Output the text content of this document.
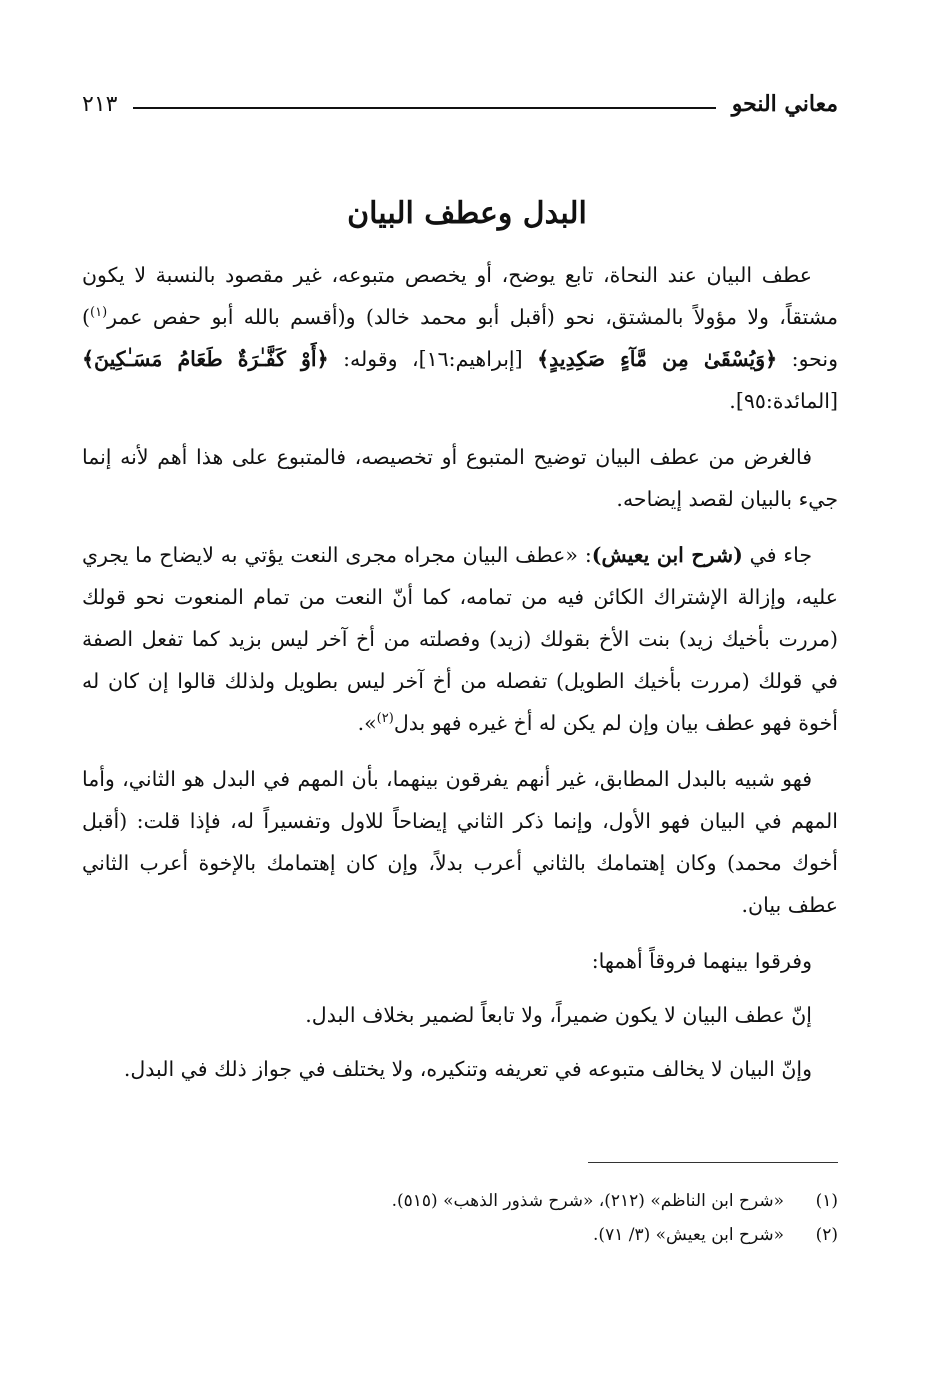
معاني النحو
٢١٣
البدل وعطف البيان

عطف البيان عند النحاة، تابع يوضح، أو يخصص متبوعه، غير مقصود بالنسبة لا يكون مشتقاً، ولا مؤولاً بالمشتق، نحو (أقبل أبو محمد خالد) و(أقسم بالله أبو حفص عمر$^{(١)}$) ونحو: ﴿وَيُسْقَىٰ مِن مَّآءٍ صَكِدِيدٍ﴾ [إبراهيم:١٦]، وقوله: ﴿أَوْ كَفَّـٰرَةٌ طَعَامُ مَسَـٰكِينَ﴾ [المائدة:٩٥].

فالغرض من عطف البيان توضيح المتبوع أو تخصيصه، فالمتبوع على هذا أهم لأنه إنما جيء بالبيان لقصد إيضاحه.

جاء في (شرح ابن يعيش): «عطف البيان مجراه مجرى النعت يؤتي به لايضاح ما يجري عليه، وإزالة الإشتراك الكائن فيه من تمامه، كما أنّ النعت من تمام المنعوت نحو قولك (مررت بأخيك زيد) بنت الأخ بقولك (زيد) وفصلته من أخ آخر ليس بزيد كما تفعل الصفة في قولك (مررت بأخيك الطويل) تفصله من أخ آخر ليس بطويل ولذلك قالوا إن كان له أخوة فهو عطف بيان وإن لم يكن له أخ غيره فهو بدل$^{(٢)}$».

فهو شبيه بالبدل المطابق، غير أنهم يفرقون بينهما، بأن المهم في البدل هو الثاني، وأما المهم في البيان فهو الأول، وإنما ذكر الثاني إيضاحاً للاول وتفسيراً له، فإذا قلت: (أقبل أخوك محمد) وكان إهتمامك بالثاني أعرب بدلاً، وإن كان إهتمامك بالإخوة أعرب الثاني عطف بيان.

وفرقوا بينهما فروقاً أهمها:

إنّ عطف البيان لا يكون ضميراً، ولا تابعاً لضمير بخلاف البدل.

وإنّ البيان لا يخالف متبوعه في تعريفه وتنكيره، ولا يختلف في جواز ذلك في البدل.

(١)
«شرح ابن الناظم» (٢١٢)، «شرح شذور الذهب» (٥١٥).
(٢)
«شرح ابن يعيش» (٣/ ٧١).
